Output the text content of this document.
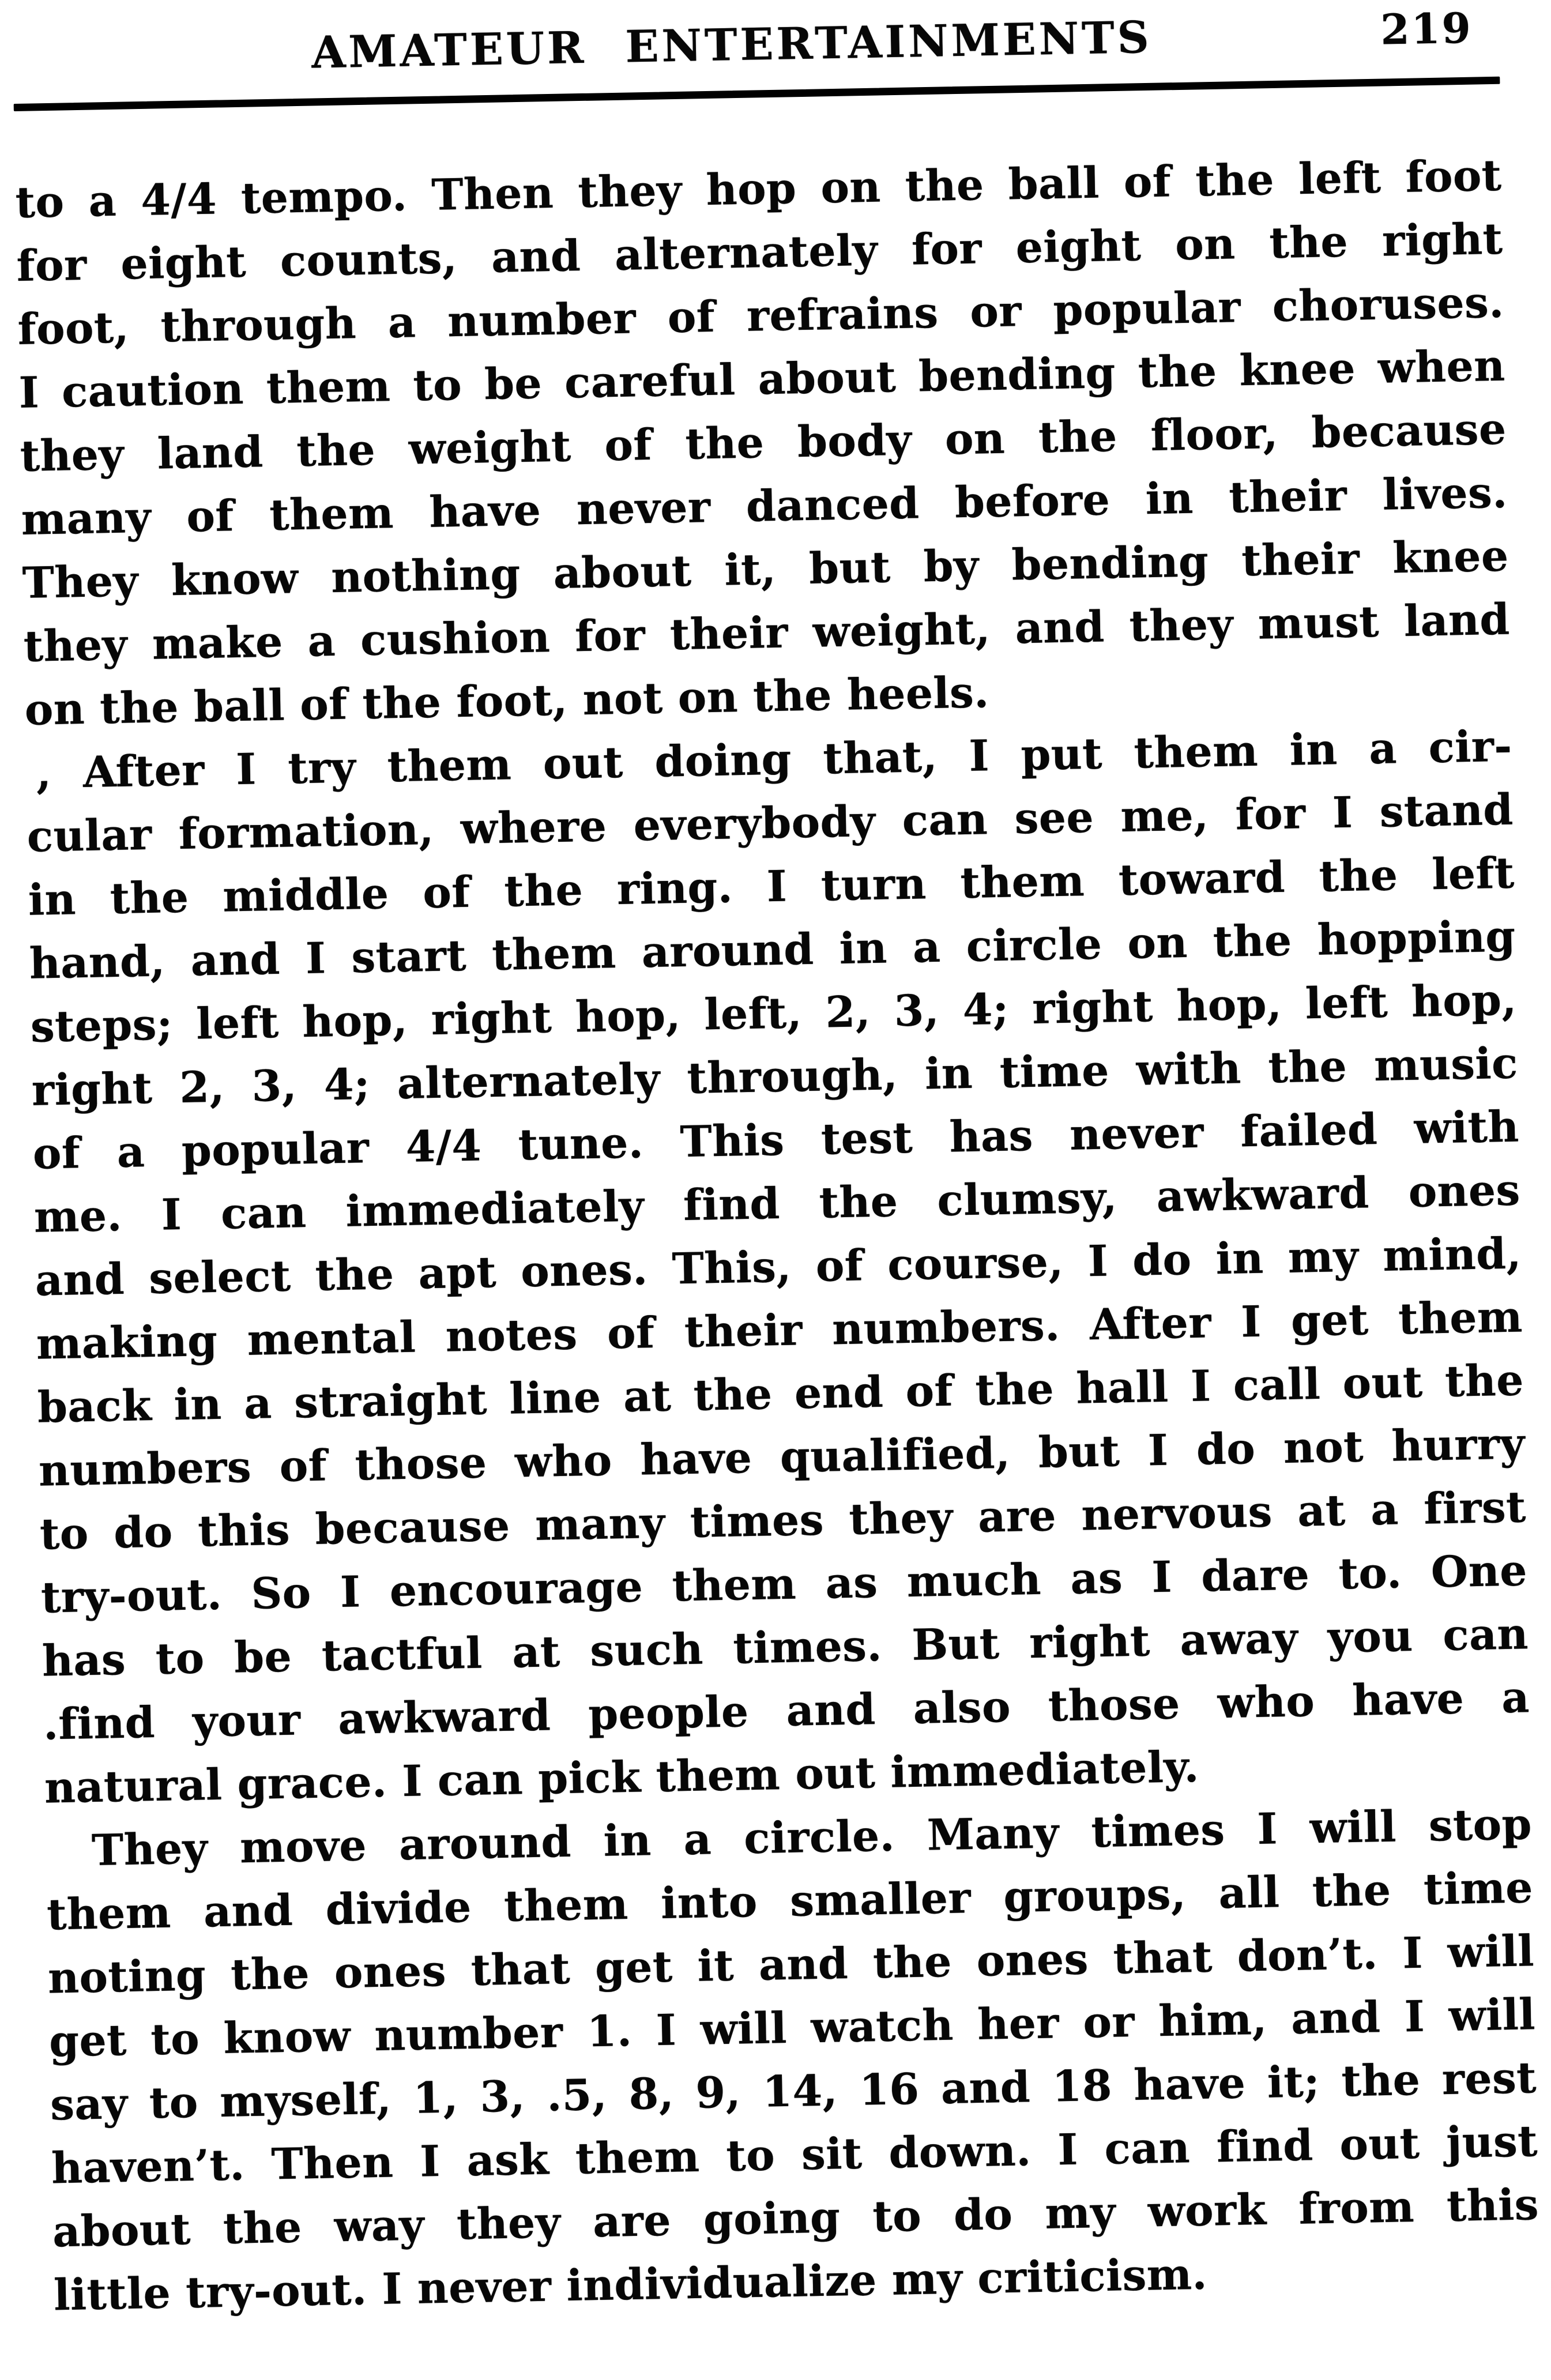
AMATEUR ENTERTAINMENTS	219

to a 4/4 tempo. Then they hop on the ball of the left foot
for eight counts, and alternately for eight on the right
foot, through a number of refrains or popular choruses.
I caution them to be careful about bending the knee when
they land the weight of the body on the floor, because
many of them have never danced before in their lives.
They know nothing about it, but by bending their knee
they make a cushion for their weight, and they must land
on the ball of the foot, not on the heels.

, After I try them out doing that, I put them in a cir-
cular formation, where everybody can see me, for I stand
in the middle of the ring. I turn them toward the left
hand, and I start them around in a circle on the hopping
steps; left hop, right hop, left, 2, 3, 4; right hop, left hop,
right 2, 3, 4; alternately through, in time with the music
of a popular 4/4 tune. This test has never failed with
me. I can immediately find the clumsy, awkward ones
and select the apt ones. This, of course, I do in my mind,
making mental notes of their numbers. After I get them
back in a straight line at the end of the hall I call out the
numbers of those who have qualified, but I do not hurry
to do this because many times they are nervous at a first
try-out. So I encourage them as much as I dare to. One
has to be tactful at such times. But right away you can
.find your awkward people and also those who have a
natural grace. I can pick them out immediately.

They move around in a circle. Many times I will stop
them and divide them into smaller groups, all the time
noting the ones that get it and the ones that don’t. I will
get to know number 1. I will watch her or him, and I will
say to myself, 1, 3, .5, 8, 9, 14, 16 and 18 have it; the rest
haven’t. Then I ask them to sit down. I can find out just
about the way they are going to do my work from this
little try-out. I never individualize my criticism.
